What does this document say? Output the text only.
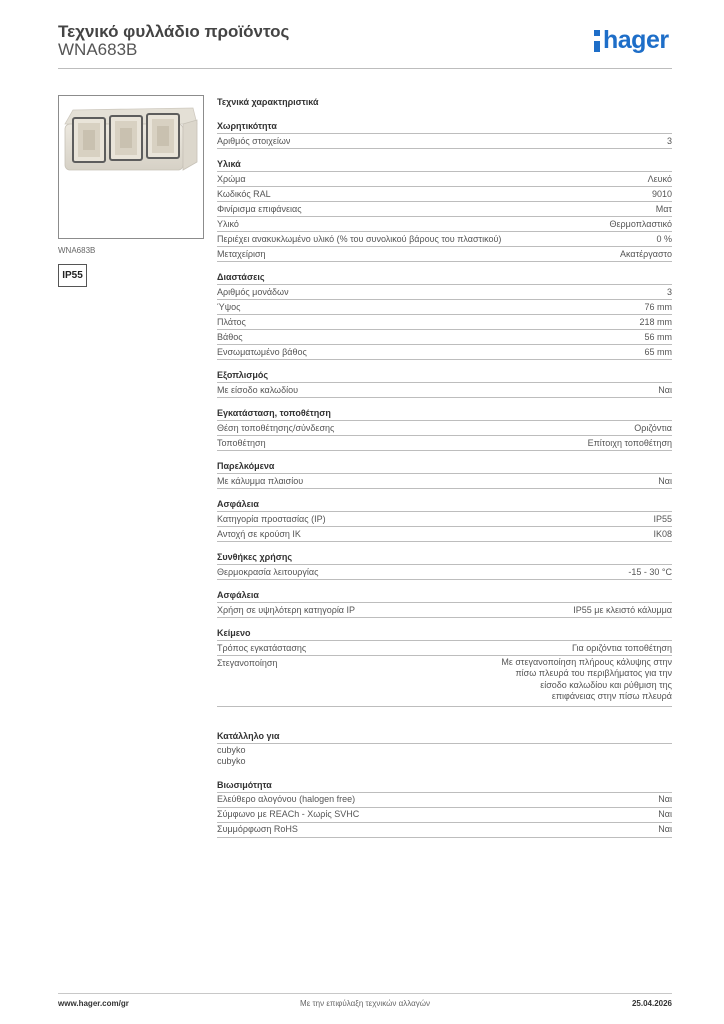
Τεχνικό φυλλάδιο προϊόντος
WNA683B	hager
WNA683B
IP55
Τεχνικά χαρακτηριστικά
Χωρητικότητα
Αριθμός στοιχείων	3
Υλικά
Χρώμα	Λευκό
Κωδικός RAL	9010
Φινίρισμα επιφάνειας	Ματ
Υλικό	Θερμοπλαστικό
Περιέχει ανακυκλωμένο υλικό (% του συνολικού βάρους του πλαστικού)	0 %
Μεταχείριση	Ακατέργαστο
Διαστάσεις
Αριθμός μονάδων	3
Ύψος	76 mm
Πλάτος	218 mm
Βάθος	56 mm
Ενσωματωμένο βάθος	65 mm
Εξοπλισμός
Με είσοδο καλωδίου	Ναι
Εγκατάσταση, τοποθέτηση
Θέση τοποθέτησης/σύνδεσης	Οριζόντια
Τοποθέτηση	Επίτοιχη τοποθέτηση
Παρελκόμενα
Με κάλυμμα πλαισίου	Ναι
Ασφάλεια
Κατηγορία προστασίας (IP)	IP55
Αντοχή σε κρούση IK	IK08
Συνθήκες χρήσης
Θερμοκρασία λειτουργίας	-15 - 30 °C
Ασφάλεια
Χρήση σε υψηλότερη κατηγορία IP	IP55 με κλειστό κάλυμμα
Κείμενο
Τρόπος εγκατάστασης	Για οριζόντια τοποθέτηση
Στεγανοποίηση	Με στεγανοποίηση πλήρους κάλυψης στην πίσω πλευρά του περιβλήματος για την είσοδο καλωδίου και ρύθμιση της επιφάνειας στην πίσω πλευρά
Κατάλληλο για
cubyko
cubyko
Βιωσιμότητα
Ελεύθερο αλογόνου (halogen free)	Ναι
Σύμφωνο με REACh - Χωρίς SVHC	Ναι
Συμμόρφωση RoHS	Ναι
www.hager.com/gr	Με την επιφύλαξη τεχνικών αλλαγών	25.04.2026
